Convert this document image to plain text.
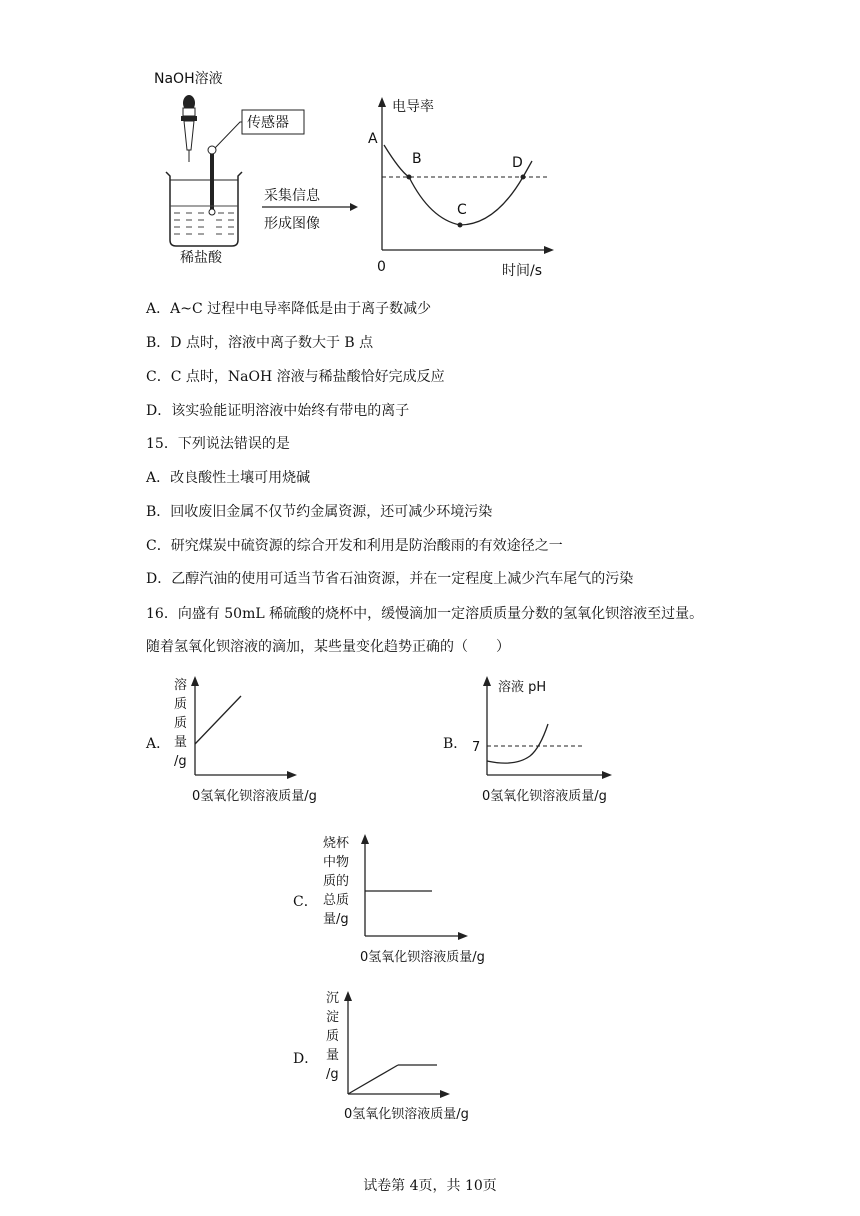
传感器
采集信息
形成图像
NaOH溶液
稀盐酸
电导率
A
B
C
D
0	时间/s
A．A~C 过程中电导率降低是由于离子数减少
B．D 点时，溶液中离子数大于 B 点
C．C 点时，NaOH 溶液与稀盐酸恰好完成反应
D．该实验能证明溶液中始终有带电的离子
15．下列说法错误的是
A．改良酸性土壤可用烧碱
B．回收废旧金属不仅节约金属资源，还可减少环境污染
C．研究煤炭中硫资源的综合开发和利用是防治酸雨的有效途径之一
D．乙醇汽油的使用可适当节省石油资源，并在一定程度上减少汽车尾气的污染
16．向盛有 50mL 稀硫酸的烧杯中，缓慢滴加一定溶质质量分数的氢氧化钡溶液至过量。
随着氢氧化钡溶液的滴加，某些量变化趋势正确的（　　）
A．
溶
质
质
量
/g
0氢氧化钡溶液质量/g
B．
溶液 pH
7
0氢氧化钡溶液质量/g
C．
烧杯
中物
质的
总质
量/g
0氢氧化钡溶液质量/g
D．
沉
淀
质
量
/g
0氢氧化钡溶液质量/g
试卷第 4页，共 10页
